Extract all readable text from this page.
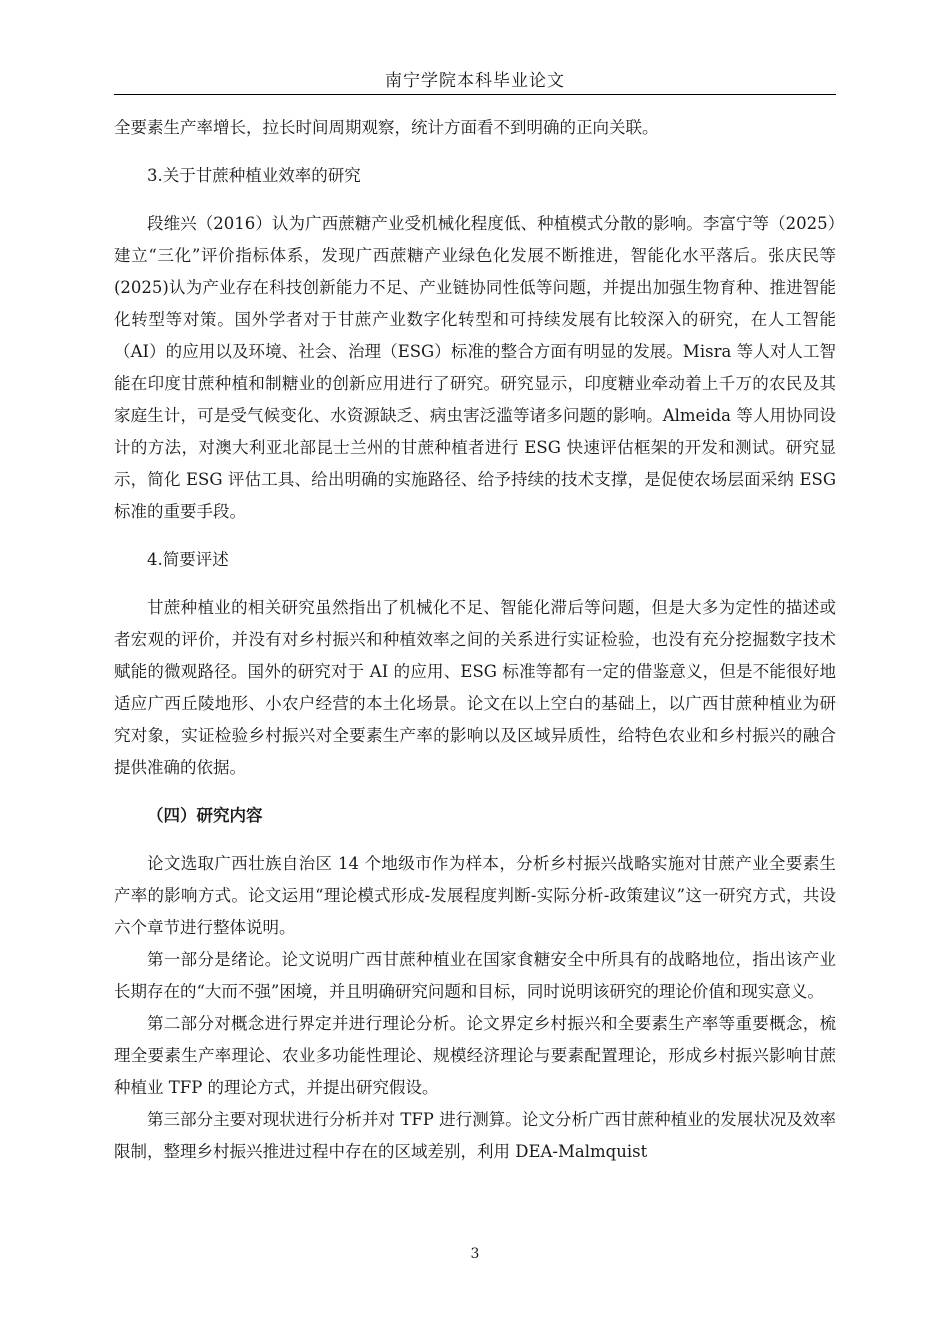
南宁学院本科毕业论文

全要素生产率增长，拉长时间周期观察，统计方面看不到明确的正向关联。

3.关于甘蔗种植业效率的研究

段维兴（2016）认为广西蔗糖产业受机械化程度低、种植模式分散的影响。李富宁等（2025）建立“三化”评价指标体系，发现广西蔗糖产业绿色化发展不断推进，智能化水平落后。张庆民等(2025)认为产业存在科技创新能力不足、产业链协同性低等问题，并提出加强生物育种、推进智能化转型等对策。国外学者对于甘蔗产业数字化转型和可持续发展有比较深入的研究，在人工智能（AI）的应用以及环境、社会、治理（ESG）标准的整合方面有明显的发展。Misra 等人对人工智能在印度甘蔗种植和制糖业的创新应用进行了研究。研究显示，印度糖业牵动着上千万的农民及其家庭生计，可是受气候变化、水资源缺乏、病虫害泛滥等诸多问题的影响。Almeida 等人用协同设计的方法，对澳大利亚北部昆士兰州的甘蔗种植者进行 ESG 快速评估框架的开发和测试。研究显示，简化 ESG 评估工具、给出明确的实施路径、给予持续的技术支撑，是促使农场层面采纳 ESG 标准的重要手段。

4.简要评述

甘蔗种植业的相关研究虽然指出了机械化不足、智能化滞后等问题，但是大多为定性的描述或者宏观的评价，并没有对乡村振兴和种植效率之间的关系进行实证检验，也没有充分挖掘数字技术赋能的微观路径。国外的研究对于 AI 的应用、ESG 标准等都有一定的借鉴意义，但是不能很好地适应广西丘陵地形、小农户经营的本土化场景。论文在以上空白的基础上，以广西甘蔗种植业为研究对象，实证检验乡村振兴对全要素生产率的影响以及区域异质性，给特色农业和乡村振兴的融合提供准确的依据。

（四）研究内容

论文选取广西壮族自治区 14 个地级市作为样本，分析乡村振兴战略实施对甘蔗产业全要素生产率的影响方式。论文运用“理论模式形成-发展程度判断-实际分析-政策建议”这一研究方式，共设六个章节进行整体说明。

第一部分是绪论。论文说明广西甘蔗种植业在国家食糖安全中所具有的战略地位，指出该产业长期存在的“大而不强”困境，并且明确研究问题和目标，同时说明该研究的理论价值和现实意义。

第二部分对概念进行界定并进行理论分析。论文界定乡村振兴和全要素生产率等重要概念，梳理全要素生产率理论、农业多功能性理论、规模经济理论与要素配置理论，形成乡村振兴影响甘蔗种植业 TFP 的理论方式，并提出研究假设。

第三部分主要对现状进行分析并对 TFP 进行测算。论文分析广西甘蔗种植业的发展状况及效率限制，整理乡村振兴推进过程中存在的区域差别，利用 DEA-Malmquist

3
